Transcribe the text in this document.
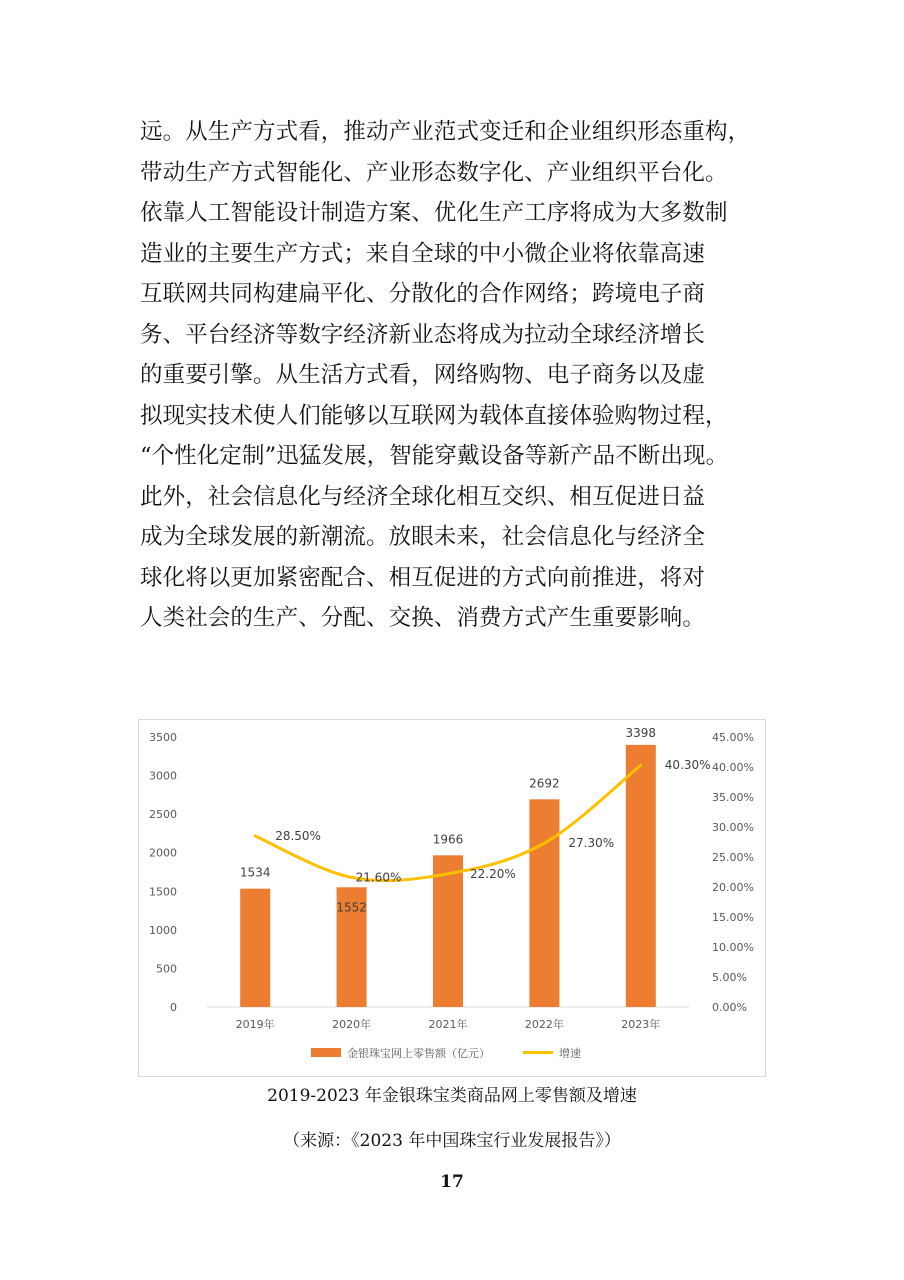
远。从生产方式看，推动产业范式变迁和企业组织形态重构，
带动生产方式智能化、产业形态数字化、产业组织平台化。
依靠人工智能设计制造方案、优化生产工序将成为大多数制
造业的主要生产方式；来自全球的中小微企业将依靠高速
互联网共同构建扁平化、分散化的合作网络；跨境电子商
务、平台经济等数字经济新业态将成为拉动全球经济增长
的重要引擎。从生活方式看，网络购物、电子商务以及虚
拟现实技术使人们能够以互联网为载体直接体验购物过程，
“个性化定制”迅猛发展，智能穿戴设备等新产品不断出现。
此外，社会信息化与经济全球化相互交织、相互促进日益
成为全球发展的新潮流。放眼未来，社会信息化与经济全
球化将以更加紧密配合、相互促进的方式向前推进，将对
人类社会的生产、分配、交换、消费方式产生重要影响。
0
500
1000
1500
2000
2500
3000
3500
0.00%
5.00%
10.00%
15.00%
20.00%
25.00%
30.00%
35.00%
40.00%
45.00%
2019年	2020年	2021年	2022年	2023年
1534
1552
1966
2692
3398
28.50%
21.60%	22.20%
27.30%
40.30%
金银珠宝网上零售额（亿元）	增速
2019-2023 年金银珠宝类商品网上零售额及增速
（来源：《2023 年中国珠宝行业发展报告》）
17
